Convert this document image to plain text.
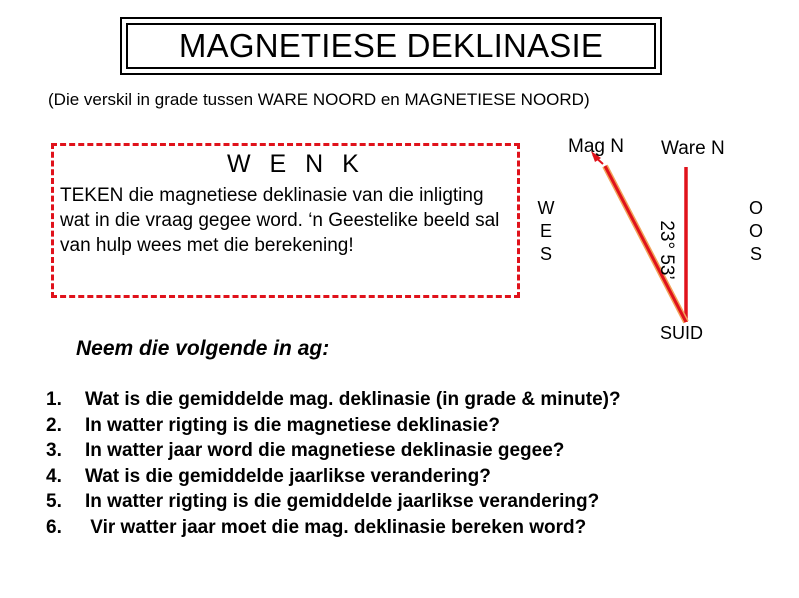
MAGNETIESE DEKLINASIE
(Die verskil in grade tussen WARE NOORD en MAGNETIESE NOORD)
W E N K
TEKEN die magnetiese deklinasie van die inligting wat in die vraag gegee word. ‘n Geestelike beeld sal van hulp wees met die berekening!	23° 53’
Mag N Ware N
W
E
S
O
O
S
SUID
Neem die volgende in ag:
1.	Wat is die gemiddelde mag. deklinasie (in grade & minute)?
2.	In watter rigting is die magnetiese deklinasie?
3.	In watter jaar word die magnetiese deklinasie gegee?
4.	Wat is die gemiddelde jaarlikse verandering?
5.	In watter rigting is die gemiddelde jaarlikse verandering?
6.	Vir watter jaar moet die mag. deklinasie bereken word?
